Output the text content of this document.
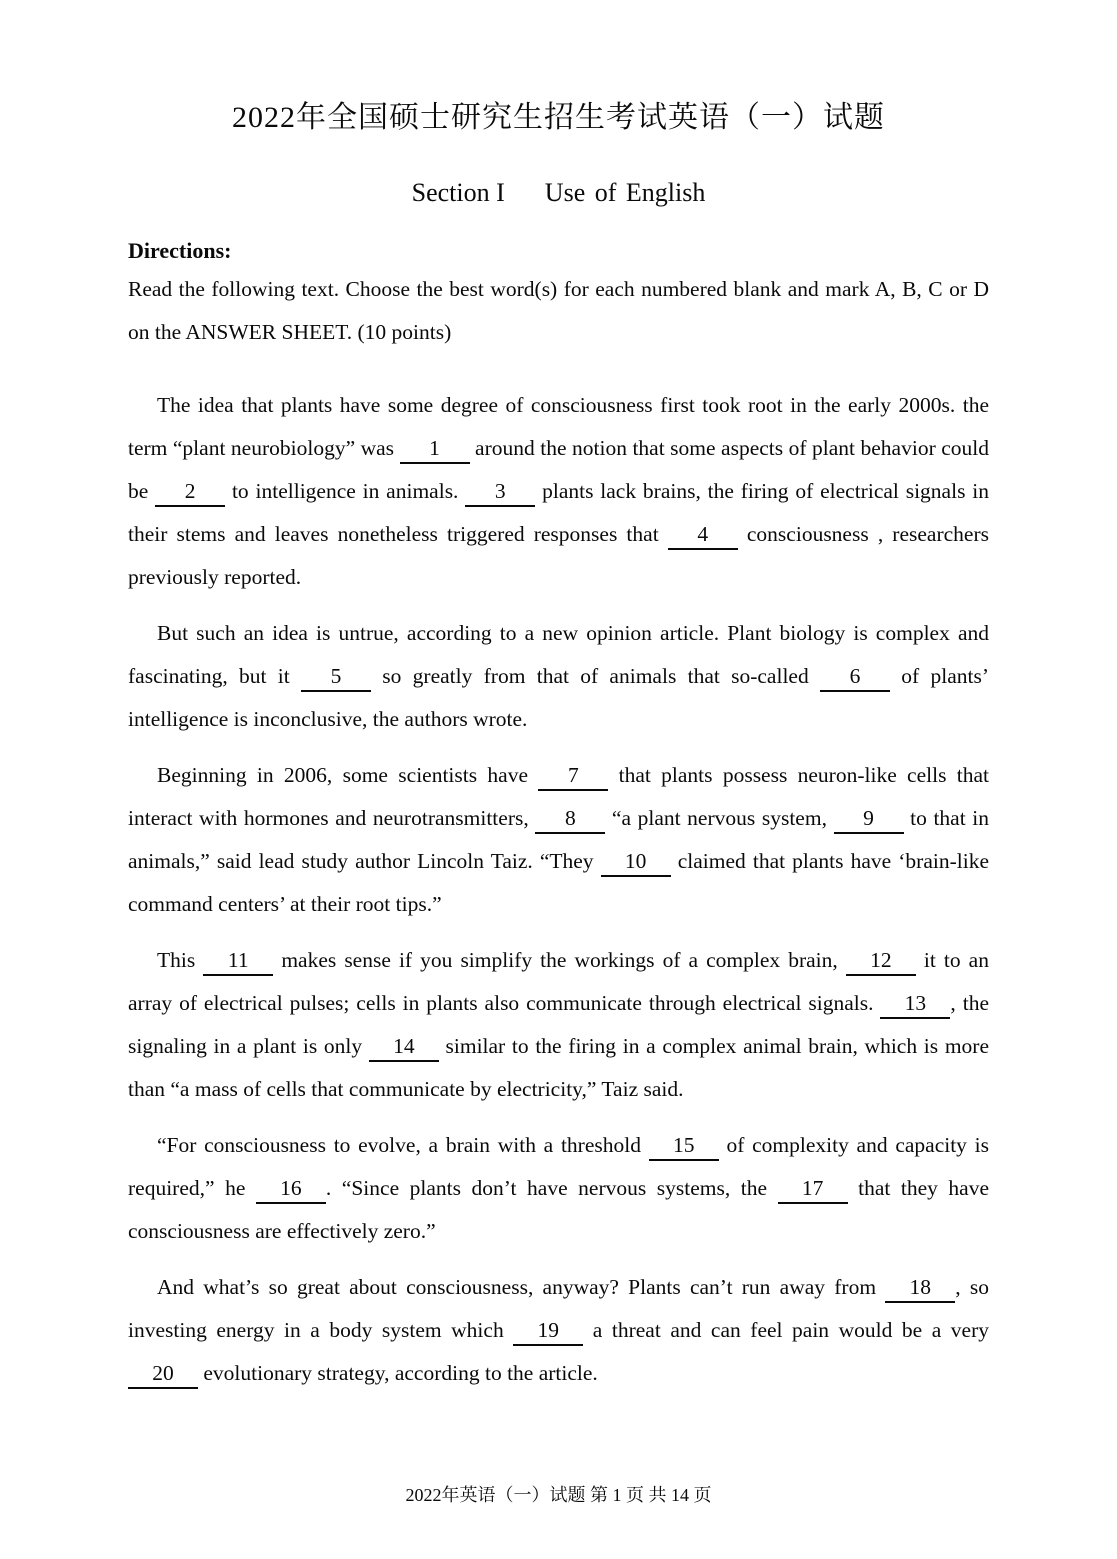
2022年全国硕士研究生招生考试英语（一）试题
Section I Use of English
Directions:

Read the following text. Choose the best word(s) for each numbered blank and mark A, B, C or D on the ANSWER SHEET. (10 points)

The idea that plants have some degree of consciousness first took root in the early 2000s. the term “plant neurobiology” was 1 around the notion that some aspects of plant behavior could be 2 to intelligence in animals. 3 plants lack brains, the firing of electrical signals in their stems and leaves nonetheless triggered responses that 4 consciousness , researchers previously reported.

But such an idea is untrue, according to a new opinion article. Plant biology is complex and fascinating, but it 5 so greatly from that of animals that so-called 6 of plants’ intelligence is inconclusive, the authors wrote.

Beginning in 2006, some scientists have 7 that plants possess neuron-like cells that interact with hormones and neurotransmitters, 8 “a plant nervous system, 9 to that in animals,” said lead study author Lincoln Taiz. “They 10 claimed that plants have ‘brain-like command centers’ at their root tips.”

This 11 makes sense if you simplify the workings of a complex brain, 12 it to an array of electrical pulses; cells in plants also communicate through electrical signals. 13 , the signaling in a plant is only 14 similar to the firing in a complex animal brain, which is more than “a mass of cells that communicate by electricity,” Taiz said.

“For consciousness to evolve, a brain with a threshold 15 of complexity and capacity is required,” he 16 . “Since plants don’t have nervous systems, the 17 that they have consciousness are effectively zero.”

And what’s so great about consciousness, anyway? Plants can’t run away from 18 , so investing energy in a body system which 19 a threat and can feel pain would be a very 20 evolutionary strategy, according to the article.

2022年英语（一）试题 第 1 页 共 14 页
